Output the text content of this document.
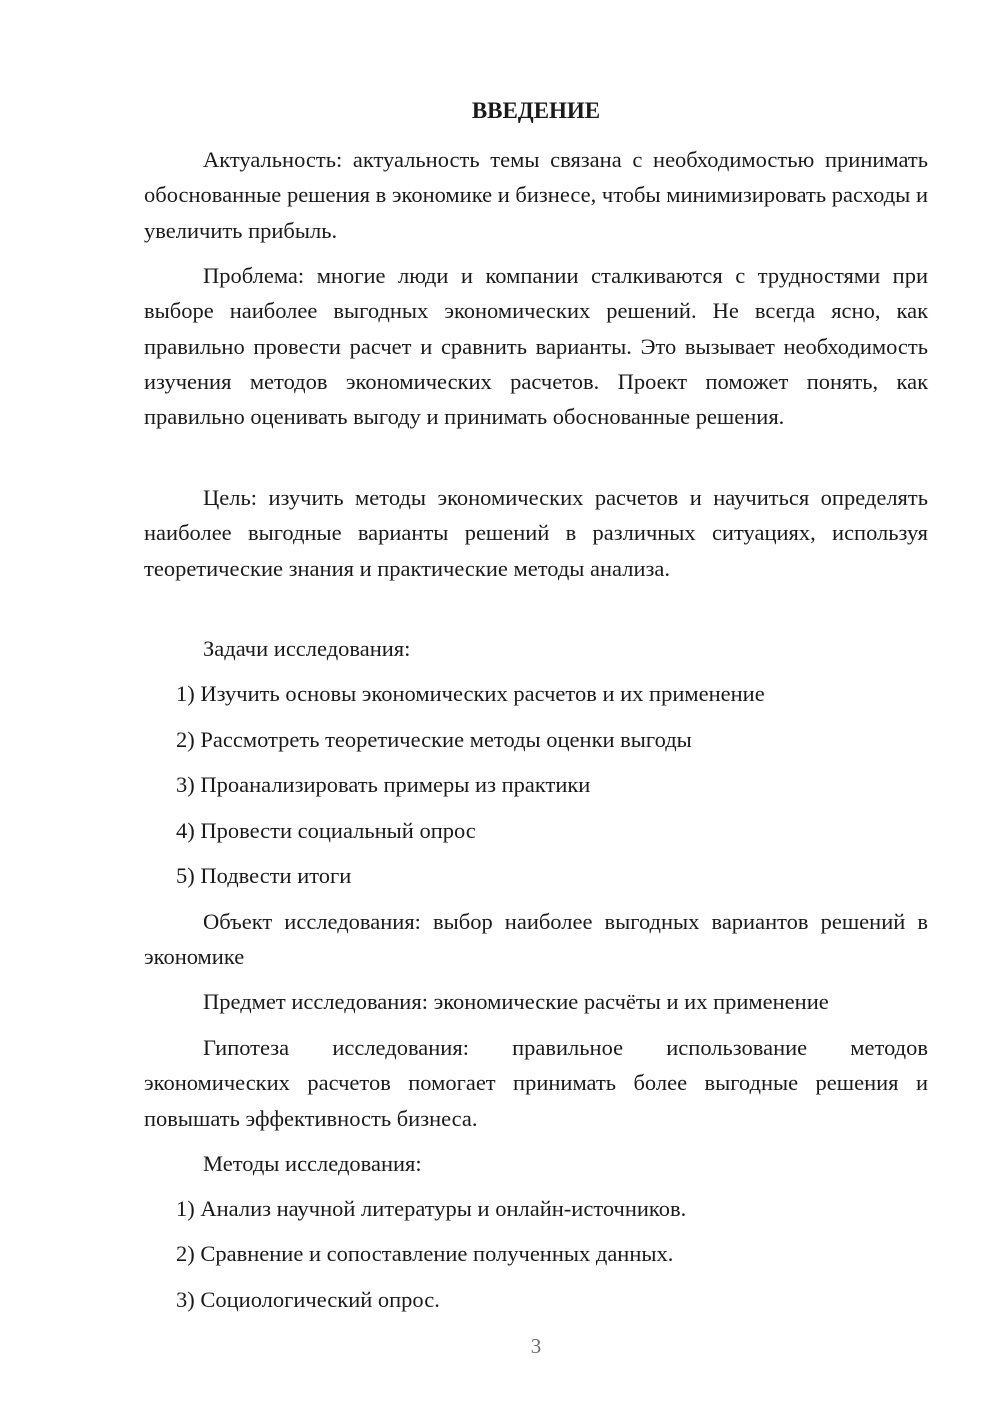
ВВЕДЕНИЕ

Актуальность: актуальность темы связана с необходимостью принимать обоснованные решения в экономике и бизнесе, чтобы минимизировать расходы и увеличить прибыль.

Проблема: многие люди и компании сталкиваются с трудностями при выборе наиболее выгодных экономических решений. Не всегда ясно, как правильно провести расчет и сравнить варианты. Это вызывает необходимость изучения методов экономических расчетов. Проект поможет понять, как правильно оценивать выгоду и принимать обоснованные решения.

Цель: изучить методы экономических расчетов и научиться определять наиболее выгодные варианты решений в различных ситуациях, используя теоретические знания и практические методы анализа.

Задачи исследования:

1) Изучить основы экономических расчетов и их применение

2) Рассмотреть теоретические методы оценки выгоды

3) Проанализировать примеры из практики

4) Провести социальный опрос

5) Подвести итоги

Объект исследования: выбор наиболее выгодных вариантов решений в экономике

Предмет исследования: экономические расчёты и их применение

Гипотеза исследования: правильное использование методов экономических расчетов помогает принимать более выгодные решения и повышать эффективность бизнеса.

Методы исследования:

1) Анализ научной литературы и онлайн-источников.

2) Сравнение и сопоставление полученных данных.

3) Социологический опрос.

3
